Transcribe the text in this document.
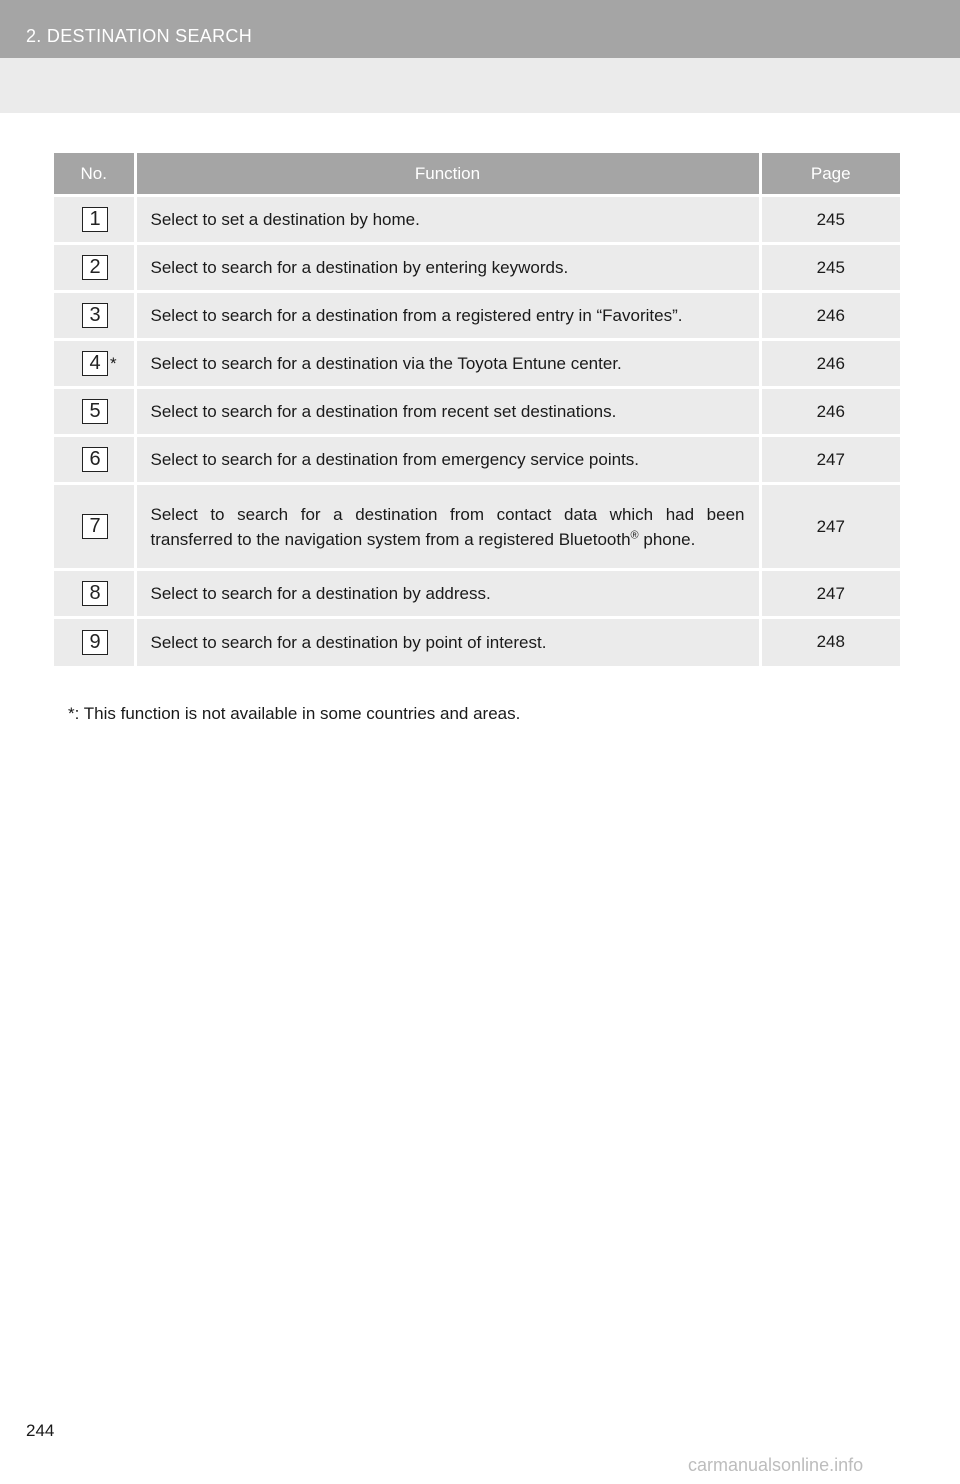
2. DESTINATION SEARCH
No.	Function	Page
1	Select to set a destination by home.	245
2	Select to search for a destination by entering keywords.	245
3	Select to search for a destination from a registered entry in “Favorites”.	246
4 *	Select to search for a destination via the Toyota Entune center.	246
5	Select to search for a destination from recent set destinations.	246
6	Select to search for a destination from emergency service points.	247
7	Select to search for a destination from contact data which had been transferred to the navigation system from a registered Bluetooth® phone.	247
8	Select to search for a destination by address.	247
9	Select to search for a destination by point of interest.	248
*: This function is not available in some countries and areas.
244
carmanualsonline.info
